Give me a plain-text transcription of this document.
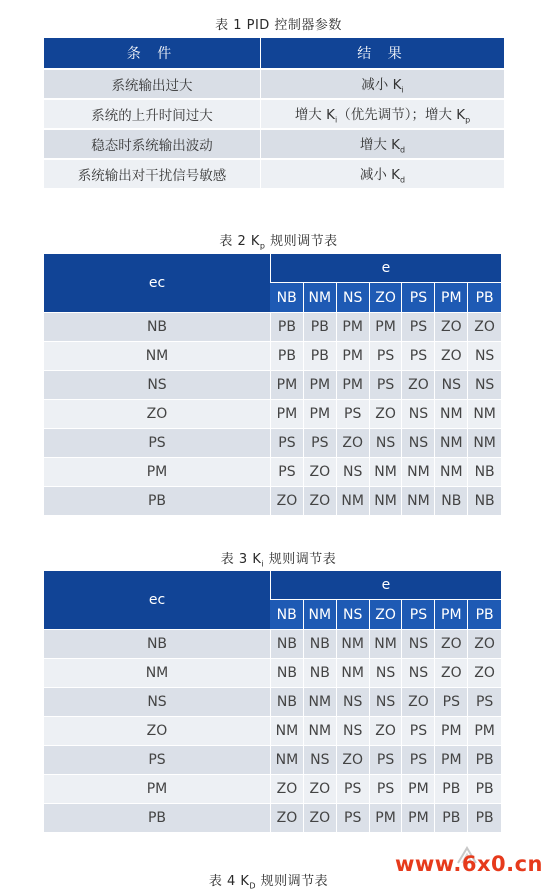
表 1 PID 控制器参数
条 件	结 果
系统输出过大	减小 $K_i$
系统的上升时间过大	增大 $K_i$（优先调节）；增大 $K_p$
稳态时系统输出波动	增大 $K_d$
系统输出对干扰信号敏感	减小 $K_d$
表 2 $K_p$ 规则调节表
ec	e						
	NB	NM	NS	ZO	PS	PM	PB
NB	PB	PB	PM	PM	PS	ZO	ZO
NM	PB	PB	PM	PS	PS	ZO	NS
NS	PM	PM	PM	PS	ZO	NS	NS
ZO	PM	PM	PS	ZO	NS	NM	NM
PS	PS	PS	ZO	NS	NS	NM	NM
PM	PS	ZO	NS	NM	NM	NM	NB
PB	ZO	ZO	NM	NM	NM	NB	NB
表 3 $K_i$ 规则调节表
ec	e						
	NB	NM	NS	ZO	PS	PM	PB
NB	NB	NB	NM	NM	NS	ZO	ZO
NM	NB	NB	NM	NS	NS	ZO	ZO
NS	NB	NM	NS	NS	ZO	PS	PS
ZO	NM	NM	NS	ZO	PS	PM	PM
PS	NM	NS	ZO	PS	PS	PM	PB
PM	ZO	ZO	PS	PS	PM	PB	PB
PB	ZO	ZO	PS	PM	PM	PB	PB
表 4 $K_D$ 规则调节表
www.6x0.cn
